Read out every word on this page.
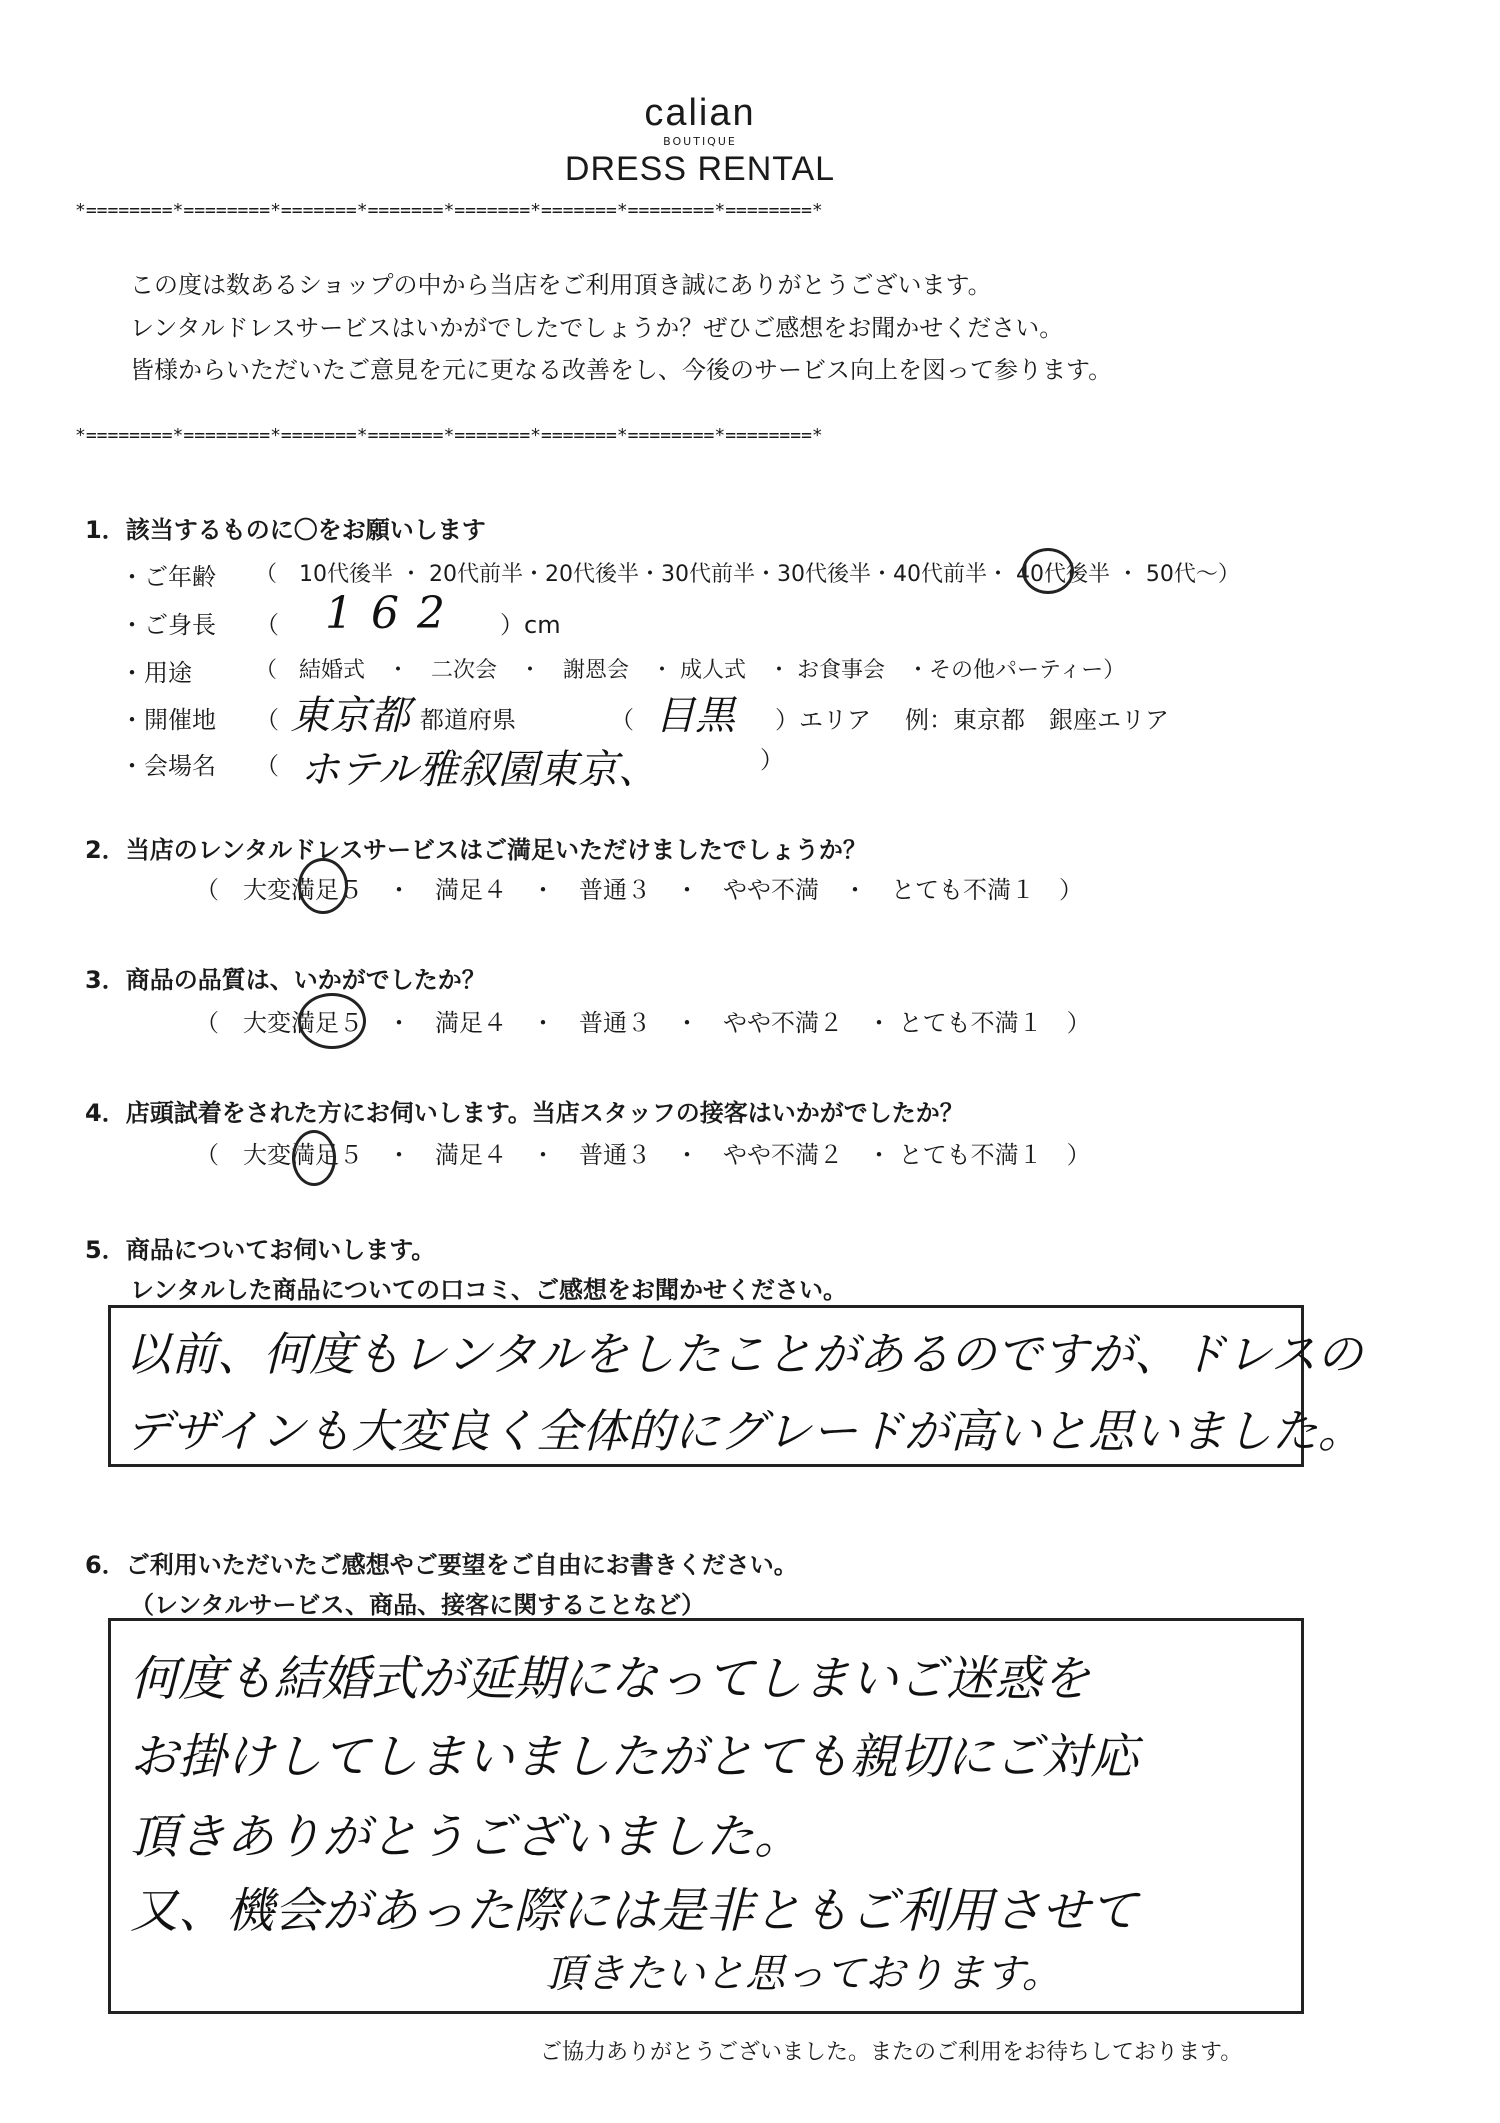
calian
BOUTIQUE
DRESS RENTAL
*========*========*=======*=======*=======*=======*========*========*
この度は数あるショップの中から当店をご利用頂き誠にありがとうございます。
レンタルドレスサービスはいかがでしたでしょうか？ぜひご感想をお聞かせください。
皆様からいただいたご意見を元に更なる改善をし、今後のサービス向上を図って参ります。
*========*========*=======*=======*=======*=======*========*========*
1．該当するものに〇をお願いします
・ご年齢 （　10代後半 ・ 20代前半・20代後半・30代前半・30代後半・40代前半・ 40代後半 ・ 50代～）
・ご身長 （ 162 ）cm
・用途	（　結婚式　・　二次会　・　謝恩会　・ 成人式　・ お食事会　・その他パーティー）
・開催地 （ 東京都 都道府県	（ 目黒 ）エリア 例：東京都　銀座エリア
・会場名 （ ホテル雅叙園東京、	）
2．当店のレンタルドレスサービスはご満足いただけましたでしょうか？
（　大変満足５　・　満足４　・　普通３　・　やや不満　・　とても不満１　）
3．商品の品質は、いかがでしたか？
（　大変満足５　・　満足４　・　普通３　・　やや不満２　・ とても不満１　）
4．店頭試着をされた方にお伺いします。当店スタッフの接客はいかがでしたか？
（　大変満足５　・　満足４　・　普通３　・　やや不満２　・ とても不満１　）
5．商品についてお伺いします。
レンタルした商品についての口コミ、ご感想をお聞かせください。
以前、何度もレンタルをしたことがあるのですが、ドレスの
デザインも大変良く全体的にグレードが高いと思いました。
6．ご利用いただいたご感想やご要望をご自由にお書きください。
（レンタルサービス、商品、接客に関することなど）
何度も結婚式が延期になってしまいご迷惑を
お掛けしてしまいましたがとても親切にご対応
頂きありがとうございました。
又、機会があった際には是非ともご利用させて
頂きたいと思っております。
ご協力ありがとうございました。またのご利用をお待ちしております。
